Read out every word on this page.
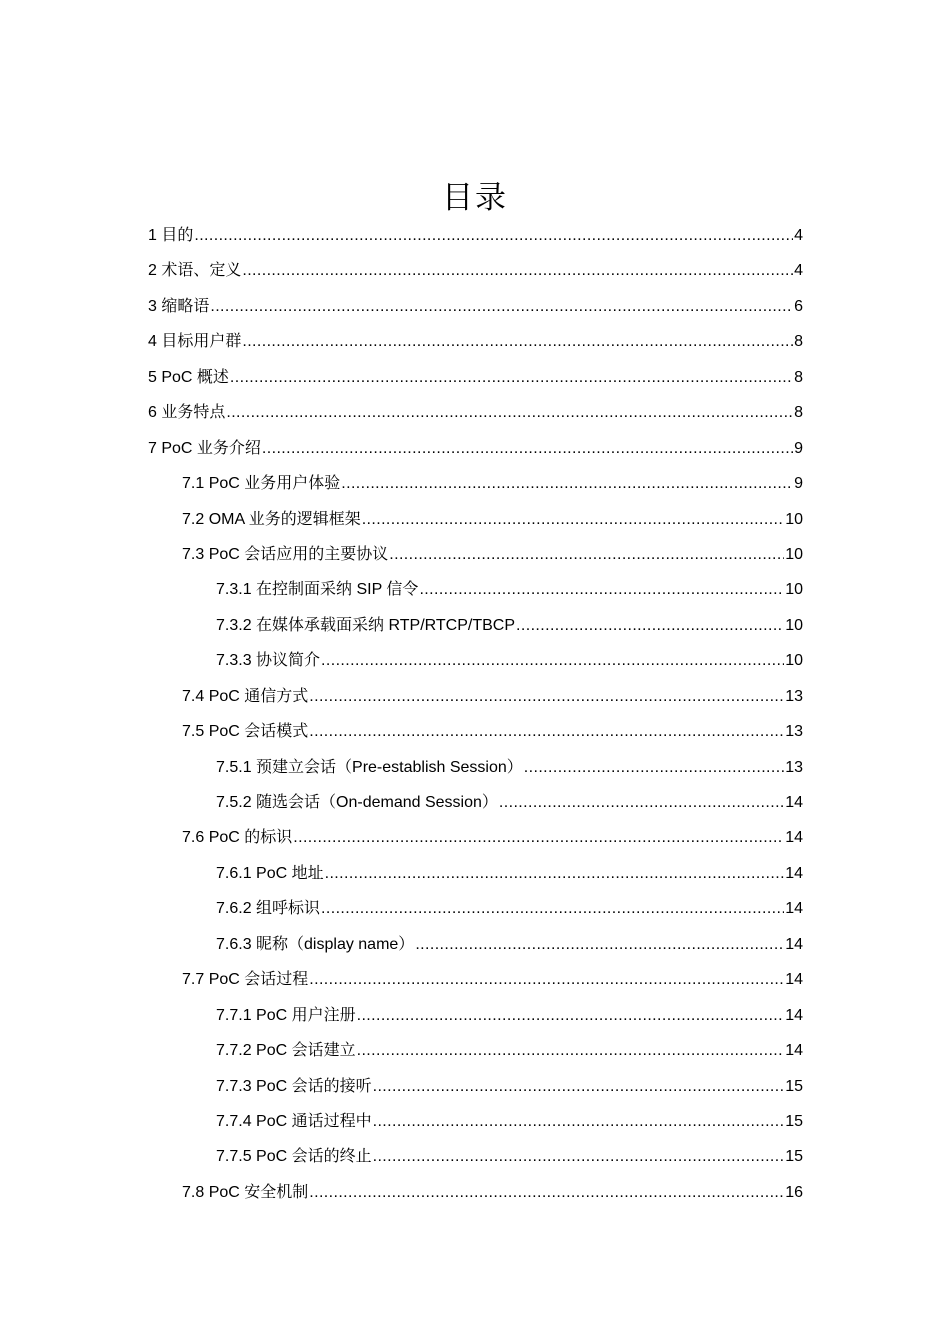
目录
1 目的 .....	4
2 术语、定义 .....	4
3 缩略语 .....	6
4 目标用户群 .....	8
5 PoC 概述 .....	8
6 业务特点 .....	8
7 PoC 业务介绍 .....	9
7.1 PoC 业务用户体验 .....	9
7.2 OMA 业务的逻辑框架 .....	10
7.3 PoC 会话应用的主要协议 .....	10
7.3.1 在控制面采纳 SIP 信令 .....	10
7.3.2 在媒体承载面采纳 RTP/RTCP/TBCP .....	10
7.3.3 协议简介 .....	10
7.4 PoC 通信方式 .....	13
7.5 PoC 会话模式 .....	13
7.5.1 预建立会话（Pre-establish Session） .....	13
7.5.2 随选会话（On-demand Session） .....	14
7.6 PoC 的标识 .....	14
7.6.1 PoC 地址 .....	14
7.6.2 组呼标识 .....	14
7.6.3 昵称（display name） .....	14
7.7 PoC 会话过程 .....	14
7.7.1 PoC 用户注册 .....	14
7.7.2 PoC 会话建立 .....	14
7.7.3 PoC 会话的接听 .....	15
7.7.4 PoC 通话过程中 .....	15
7.7.5 PoC 会话的终止 .....	15
7.8 PoC 安全机制 .....	16
